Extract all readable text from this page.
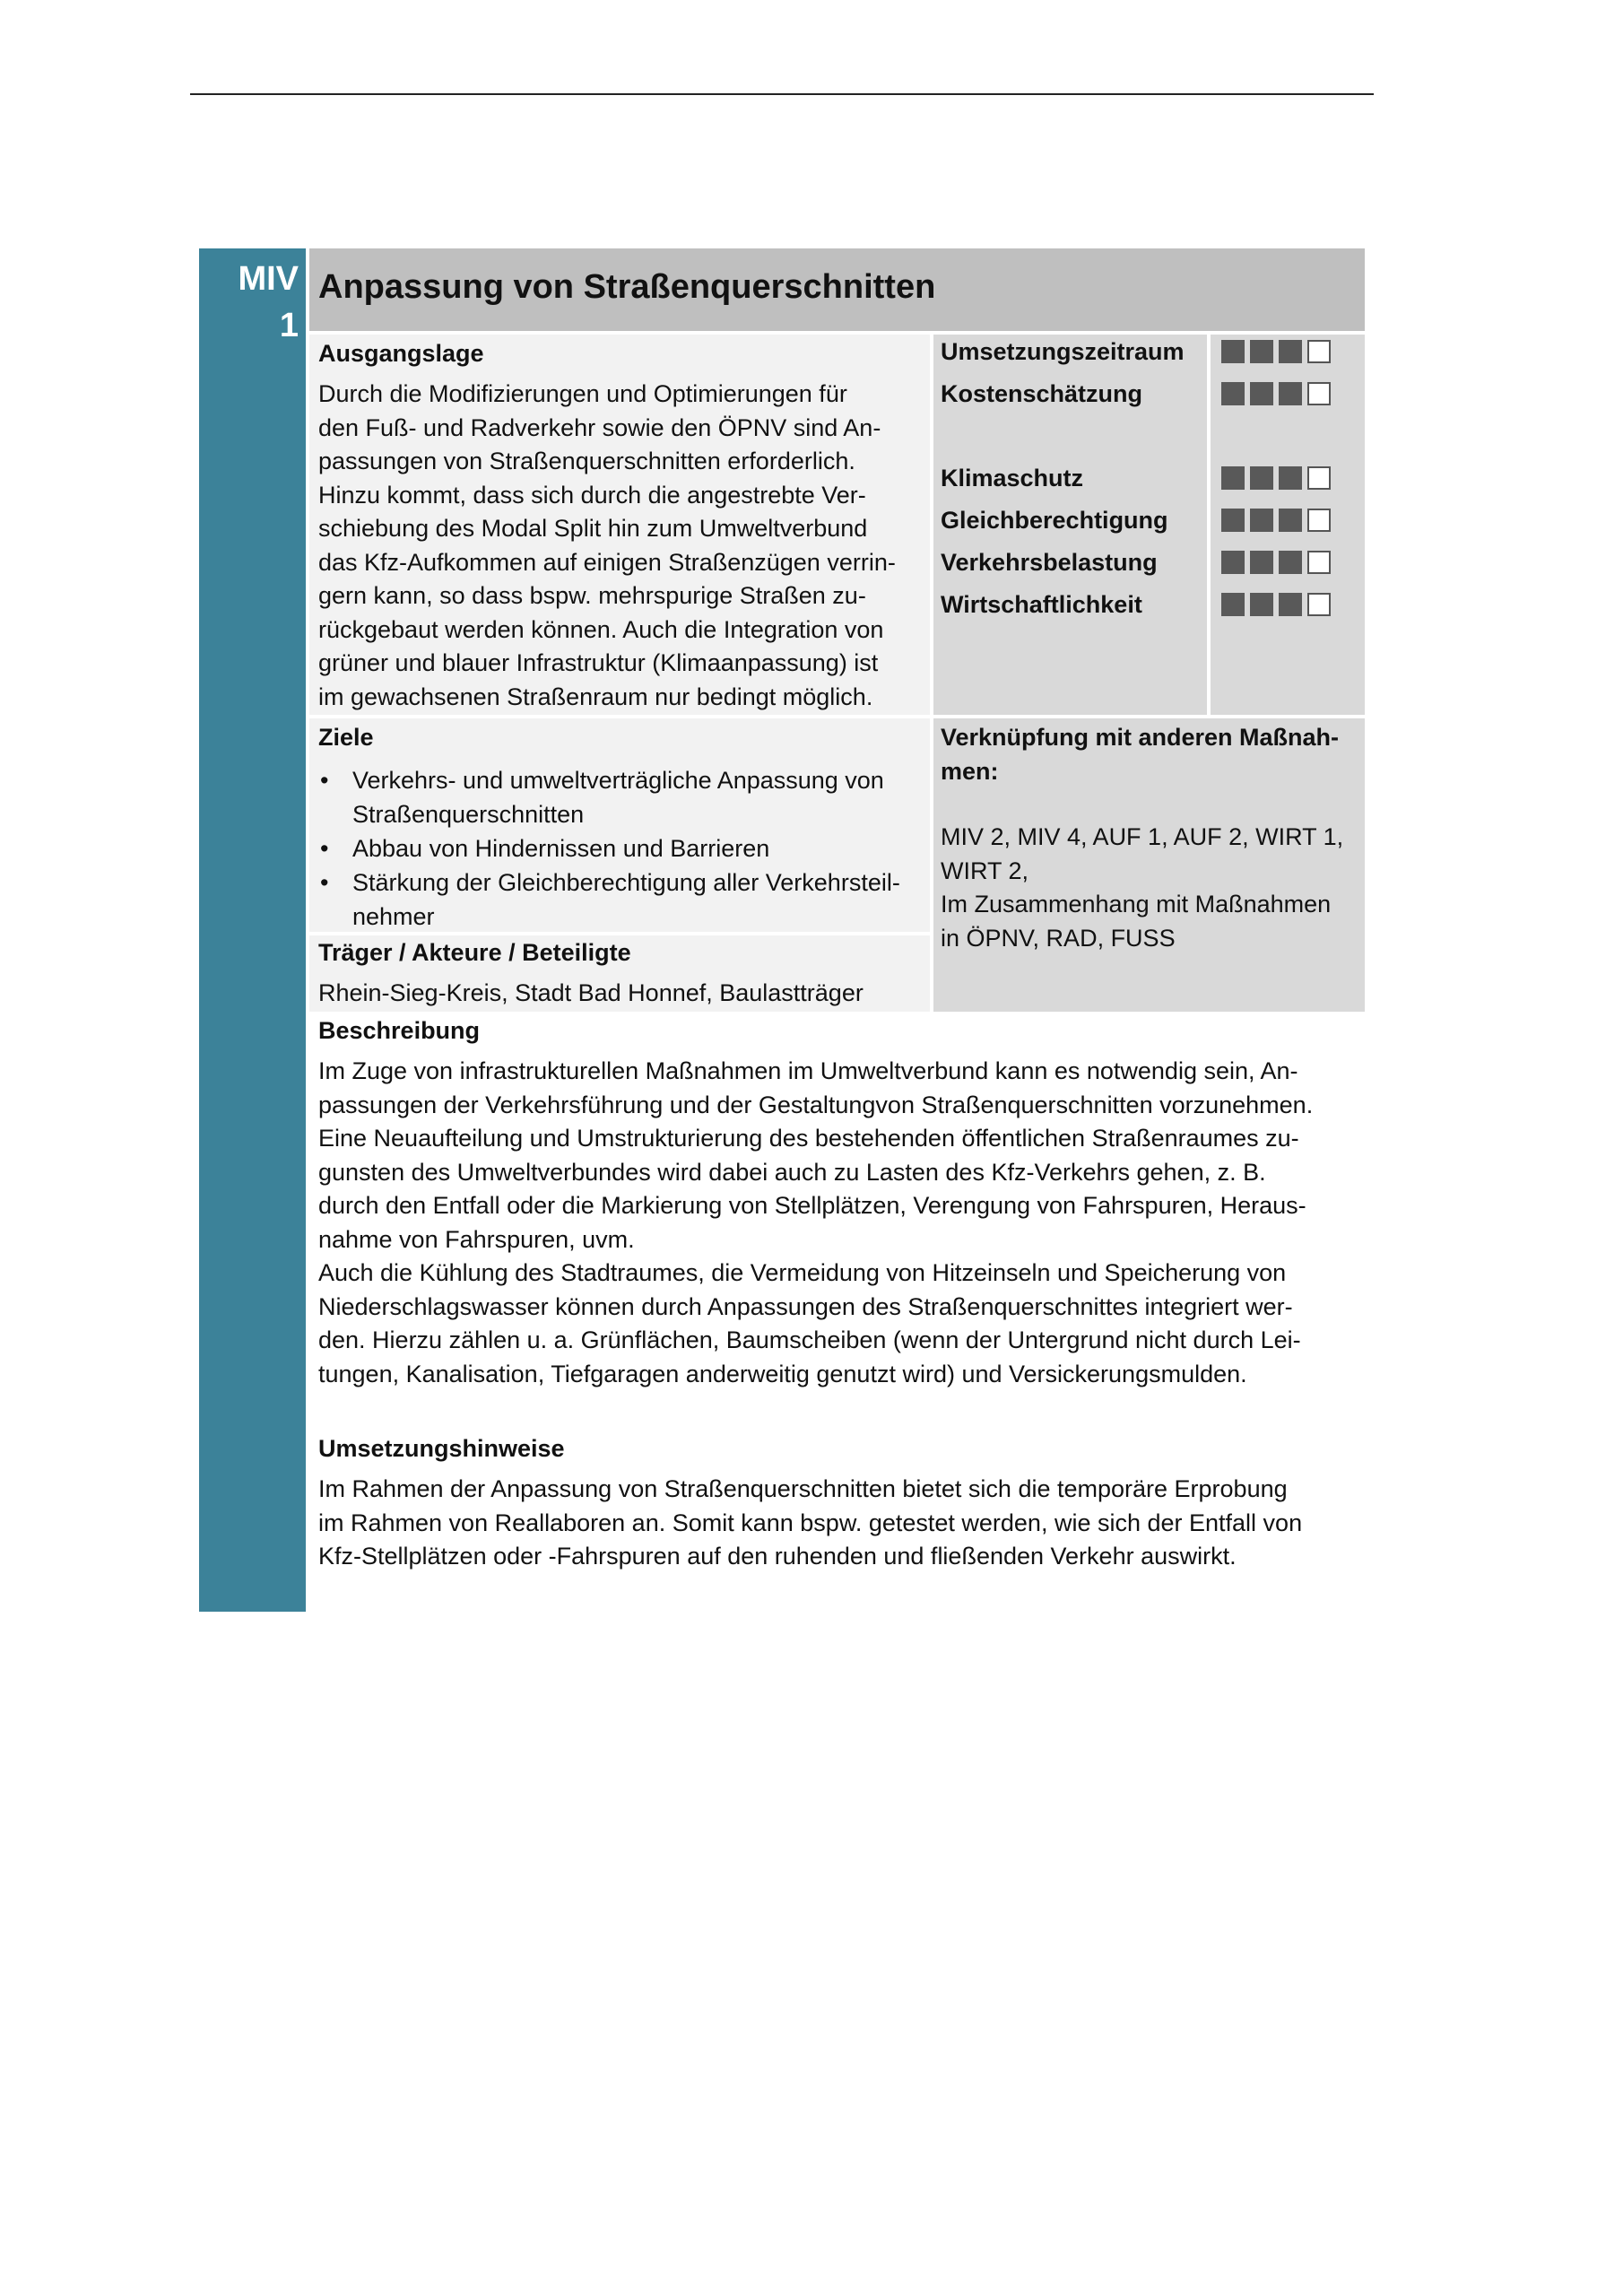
MIV
1
Anpassung von Straßenquerschnitten

Ausgangslage

Durch die Modifizierungen und Optimierungen für
den Fuß- und Radverkehr sowie den ÖPNV sind An-
passungen von Straßenquerschnitten erforderlich.
Hinzu kommt, dass sich durch die angestrebte Ver-
schiebung des Modal Split hin zum Umweltverbund
das Kfz-Aufkommen auf einigen Straßenzügen verrin-
gern kann, so dass bspw. mehrspurige Straßen zu-
rückgebaut werden können. Auch die Integration von
grüner und blauer Infrastruktur (Klimaanpassung) ist
im gewachsenen Straßenraum nur bedingt möglich.

Umsetzungszeitraum
Kostenschätzung
Klimaschutz
Gleichberechtigung
Verkehrsbelastung
Wirtschaftlichkeit

Ziele

• Verkehrs- und umweltverträgliche Anpassung von
Straßenquerschnitten
• Abbau von Hindernissen und Barrieren
• Stärkung der Gleichberechtigung aller Verkehrsteil-
nehmer

Träger / Akteure / Beteiligte

Rhein-Sieg-Kreis, Stadt Bad Honnef, Baulastträger

Verknüpfung mit anderen Maßnah-
men:

MIV 2, MIV 4, AUF 1, AUF 2, WIRT 1,
WIRT 2,
Im Zusammenhang mit Maßnahmen
in ÖPNV, RAD, FUSS

Beschreibung

Im Zuge von infrastrukturellen Maßnahmen im Umweltverbund kann es notwendig sein, An-
passungen der Verkehrsführung und der Gestaltungvon Straßenquerschnitten vorzunehmen.
Eine Neuaufteilung und Umstrukturierung des bestehenden öffentlichen Straßenraumes zu-
gunsten des Umweltverbundes wird dabei auch zu Lasten des Kfz-Verkehrs gehen, z. B.
durch den Entfall oder die Markierung von Stellplätzen, Verengung von Fahrspuren, Heraus-
nahme von Fahrspuren, uvm.
Auch die Kühlung des Stadtraumes, die Vermeidung von Hitzeinseln und Speicherung von
Niederschlagswasser können durch Anpassungen des Straßenquerschnittes integriert wer-
den. Hierzu zählen u. a. Grünflächen, Baumscheiben (wenn der Untergrund nicht durch Lei-
tungen, Kanalisation, Tiefgaragen anderweitig genutzt wird) und Versickerungsmulden.

Umsetzungshinweise

Im Rahmen der Anpassung von Straßenquerschnitten bietet sich die temporäre Erprobung
im Rahmen von Reallaboren an. Somit kann bspw. getestet werden, wie sich der Entfall von
Kfz-Stellplätzen oder -Fahrspuren auf den ruhenden und fließenden Verkehr auswirkt.
